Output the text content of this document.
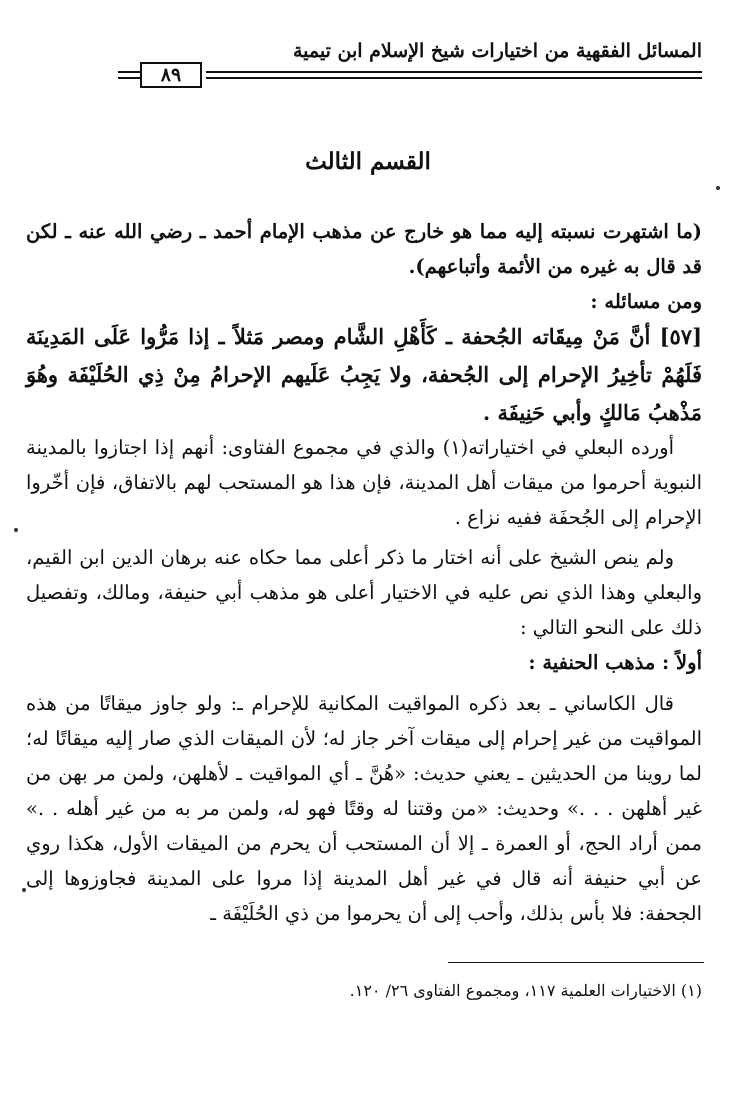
المسائل الفقهية من اختيارات شيخ الإسلام ابن تيمية
٨٩
القسم الثالث
(ما اشتهرت نسبته إليه مما هو خارج عن مذهب الإمام أحمد ـ رضي الله عنه ـ لكن قد قال به غيره من الأئمة وأتباعهم).
ومن مسائله :
[٥٧] أنَّ مَنْ مِيقَاته الجُحفة ـ كَأَهْلِ الشَّام ومصر مَثلاً ـ إذا مَرُّوا عَلَى المَدِينَة فَلَهُمْ تأخِيرُ الإحرام إلى الجُحفة، ولا يَجِبُ عَلَيهم الإحرامُ مِنْ ذِي الحُلَيْفَة وهُوَ مَذْهبُ مَالكٍ وأبي حَنِيفَة .
أورده البعلي في اختياراته(١) والذي في مجموع الفتاوى: أنهم إذا اجتازوا بالمدينة النبوية أحرموا من ميقات أهل المدينة، فإن هذا هو المستحب لهم بالاتفاق، فإن أخّروا الإحرام إلى الجُحفَة ففيه نزاع .
ولم ينص الشيخ على أنه اختار ما ذكر أعلى مما حكاه عنه برهان الدين ابن القيم، والبعلي وهذا الذي نص عليه في الاختيار أعلى هو مذهب أبي حنيفة، ومالك، وتفصيل ذلك على النحو التالي :
أولاً : مذهب الحنفية :
قال الكاساني ـ بعد ذكره المواقيت المكانية للإحرام ـ: ولو جاوز ميقاتًا من هذه المواقيت من غير إحرام إلى ميقات آخر جاز له؛ لأن الميقات الذي صار إليه ميقاتًا له؛ لما روينا من الحديثين ـ يعني حديث: «هُنَّ ـ أي المواقيت ـ لأهلهن، ولمن مر بهن من غير أهلهن . . .» وحديث: «من وقتنا له وقتًا فهو له، ولمن مر به من غير أهله . .» ممن أراد الحج، أو العمرة ـ إلا أن المستحب أن يحرم من الميقات الأول، هكذا روي عن أبي حنيفة أنه قال في غير أهل المدينة إذا مروا على المدينة فجاوزوها إلى الجحفة: فلا بأس بذلك، وأحب إلى أن يحرموا من ذي الحُلَيْفَة ـ
(١) الاختيارات العلمية ١١٧، ومجموع الفتاوى ٢٦/ ١٢٠.
